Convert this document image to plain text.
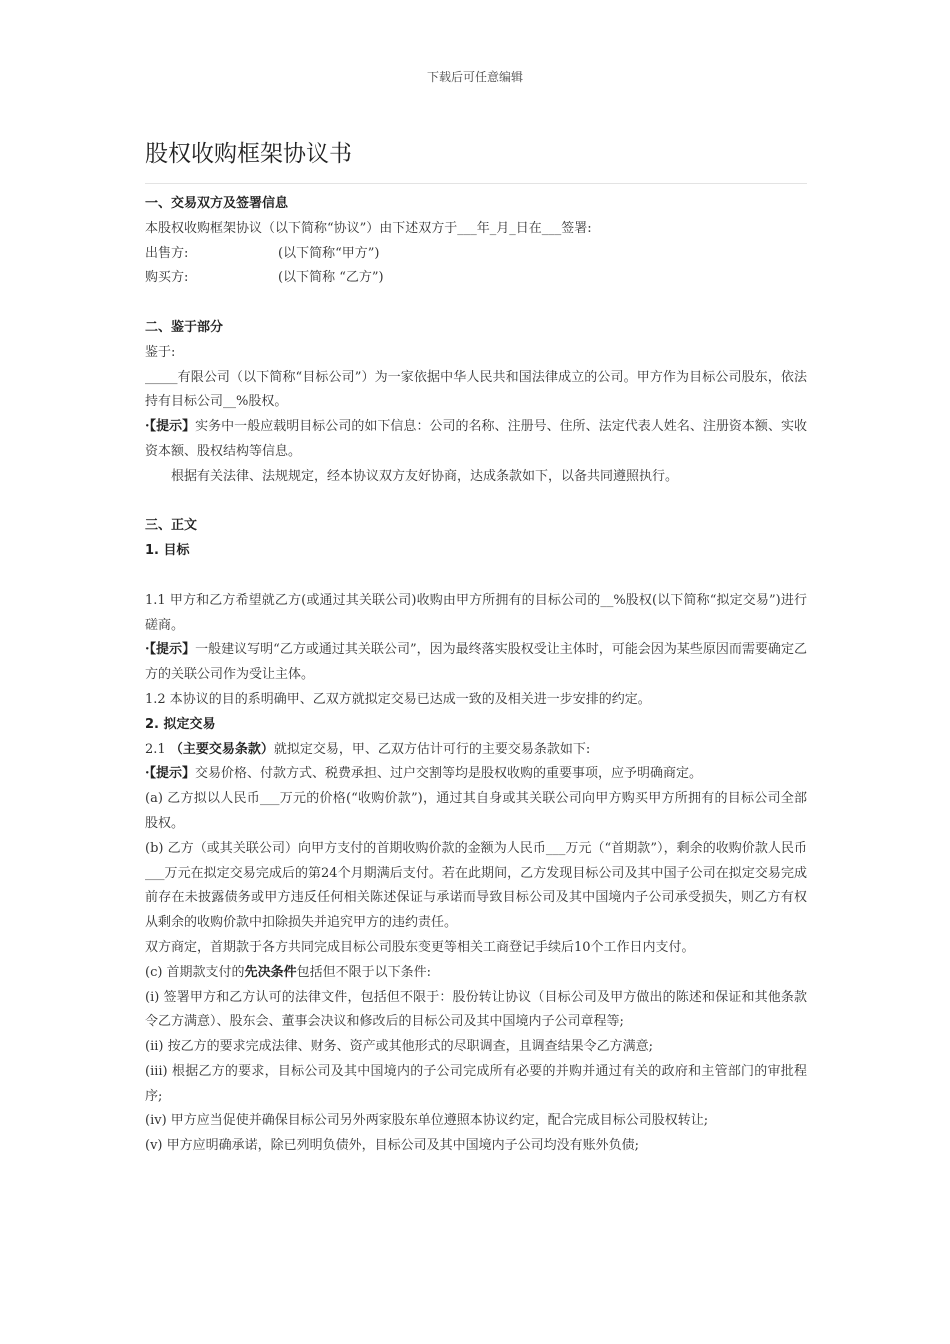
下载后可任意编辑
股权收购框架协议书

一、交易双方及签署信息

本股权收购框架协议（以下简称“协议”）由下述双方于___年_月_日在___签署:

出售方:	(以下简称“甲方”)

购买方:	(以下简称 “乙方”)

二、鉴于部分

鉴于:

_____有限公司（以下简称“目标公司”）为一家依据中华人民共和国法律成立的公司。甲方作为目标公司股东，依法持有目标公司__%股权。

·【提示】实务中一般应载明目标公司的如下信息：公司的名称、注册号、住所、法定代表人姓名、注册资本额、实收资本额、股权结构等信息。

根据有关法律、法规规定，经本协议双方友好协商，达成条款如下，以备共同遵照执行。

三、正文

1. 目标

1.1 甲方和乙方希望就乙方(或通过其关联公司)收购由甲方所拥有的目标公司的__%股权(以下简称“拟定交易”)进行磋商。

·【提示】一般建议写明“乙方或通过其关联公司”，因为最终落实股权受让主体时，可能会因为某些原因而需要确定乙方的关联公司作为受让主体。

1.2 本协议的目的系明确甲、乙双方就拟定交易已达成一致的及相关进一步安排的约定。

2. 拟定交易

2.1 （主要交易条款）就拟定交易，甲、乙双方估计可行的主要交易条款如下:

·【提示】交易价格、付款方式、税费承担、过户交割等均是股权收购的重要事项，应予明确商定。

(a) 乙方拟以人民币___万元的价格(“收购价款”)，通过其自身或其关联公司向甲方购买甲方所拥有的目标公司全部股权。

(b) 乙方（或其关联公司）向甲方支付的首期收购价款的金额为人民币___万元（“首期款”），剩余的收购价款人民币___万元在拟定交易完成后的第24个月期满后支付。若在此期间，乙方发现目标公司及其中国子公司在拟定交易完成前存在未披露债务或甲方违反任何相关陈述保证与承诺而导致目标公司及其中国境内子公司承受损失，则乙方有权从剩余的收购价款中扣除损失并追究甲方的违约责任。

双方商定，首期款于各方共同完成目标公司股东变更等相关工商登记手续后10个工作日内支付。

(c) 首期款支付的先决条件包括但不限于以下条件:

(i) 签署甲方和乙方认可的法律文件，包括但不限于：股份转让协议（目标公司及甲方做出的陈述和保证和其他条款令乙方满意）、股东会、董事会决议和修改后的目标公司及其中国境内子公司章程等;

(ii) 按乙方的要求完成法律、财务、资产或其他形式的尽职调查，且调查结果令乙方满意;

(iii) 根据乙方的要求，目标公司及其中国境内的子公司完成所有必要的并购并通过有关的政府和主管部门的审批程序;

(iv) 甲方应当促使并确保目标公司另外两家股东单位遵照本协议约定，配合完成目标公司股权转让;

(v) 甲方应明确承诺，除已列明负债外，目标公司及其中国境内子公司均没有账外负债;
